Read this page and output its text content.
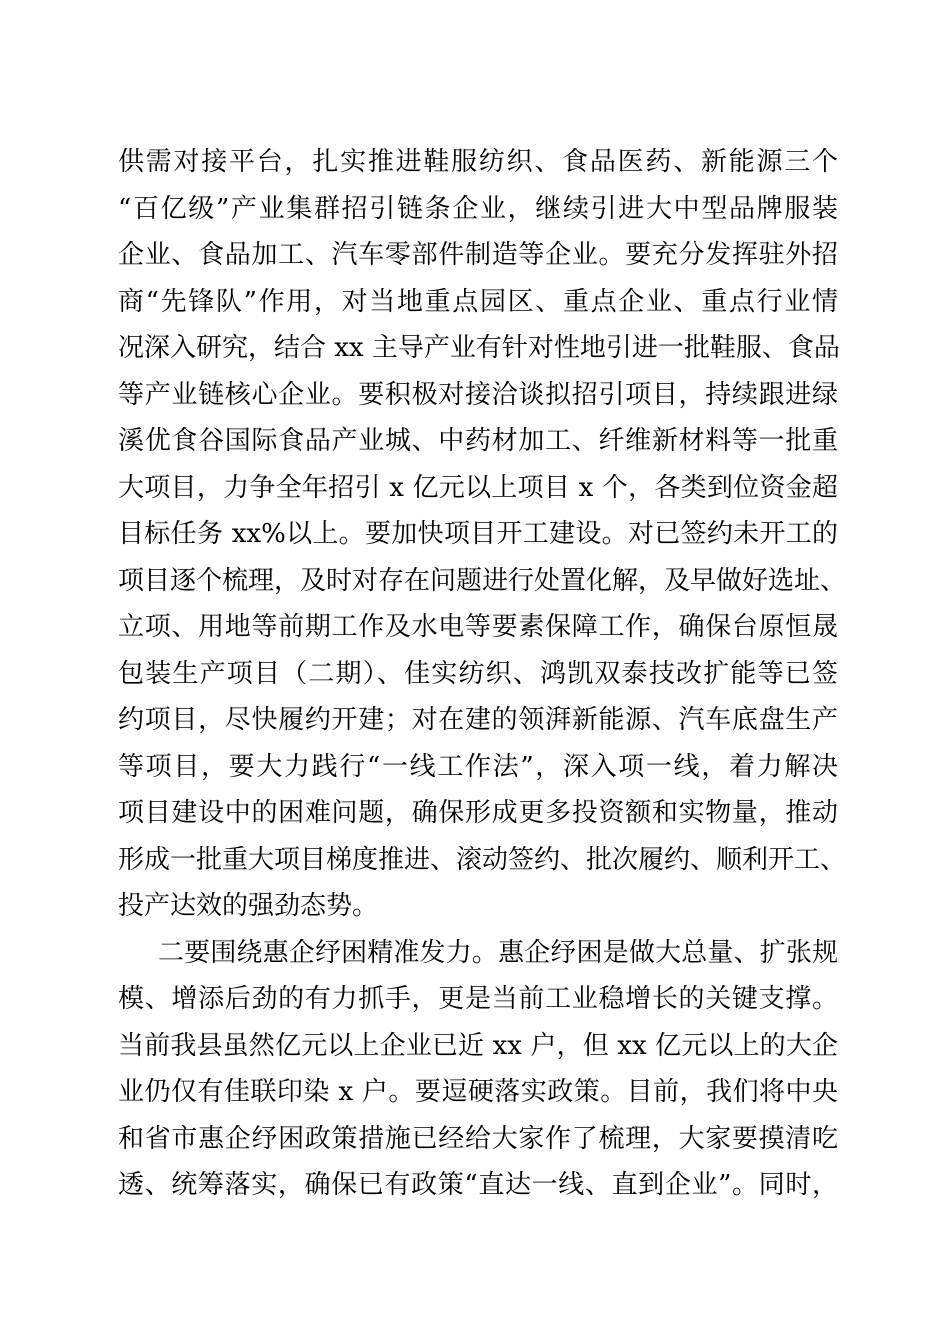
供需对接平台，扎实推进鞋服纺织、食品医药、新能源三个
“百亿级”产业集群招引链条企业，继续引进大中型品牌服装
企业、食品加工、汽车零部件制造等企业。要充分发挥驻外招
商“先锋队”作用，对当地重点园区、重点企业、重点行业情
况深入研究，结合 xx 主导产业有针对性地引进一批鞋服、食品
等产业链核心企业。要积极对接洽谈拟招引项目，持续跟进绿
溪优食谷国际食品产业城、中药材加工、纤维新材料等一批重
大项目，力争全年招引 x 亿元以上项目 x 个，各类到位资金超
目标任务 xx%以上。要加快项目开工建设。对已签约未开工的
项目逐个梳理，及时对存在问题进行处置化解，及早做好选址、
立项、用地等前期工作及水电等要素保障工作，确保台原恒晟
包装生产项目（二期）、佳实纺织、鸿凯双泰技改扩能等已签
约项目，尽快履约开建；对在建的领湃新能源、汽车底盘生产
等项目，要大力践行“一线工作法”，深入项一线，着力解决
项目建设中的困难问题，确保形成更多投资额和实物量，推动
形成一批重大项目梯度推进、滚动签约、批次履约、顺利开工、
投产达效的强劲态势。
二要围绕惠企纾困精准发力。惠企纾困是做大总量、扩张规
模、增添后劲的有力抓手，更是当前工业稳增长的关键支撑。
当前我县虽然亿元以上企业已近 xx 户，但 xx 亿元以上的大企
业仍仅有佳联印染 x 户。要逗硬落实政策。目前，我们将中央
和省市惠企纾困政策措施已经给大家作了梳理，大家要摸清吃
透、统筹落实，确保已有政策“直达一线、直到企业”。同时，
